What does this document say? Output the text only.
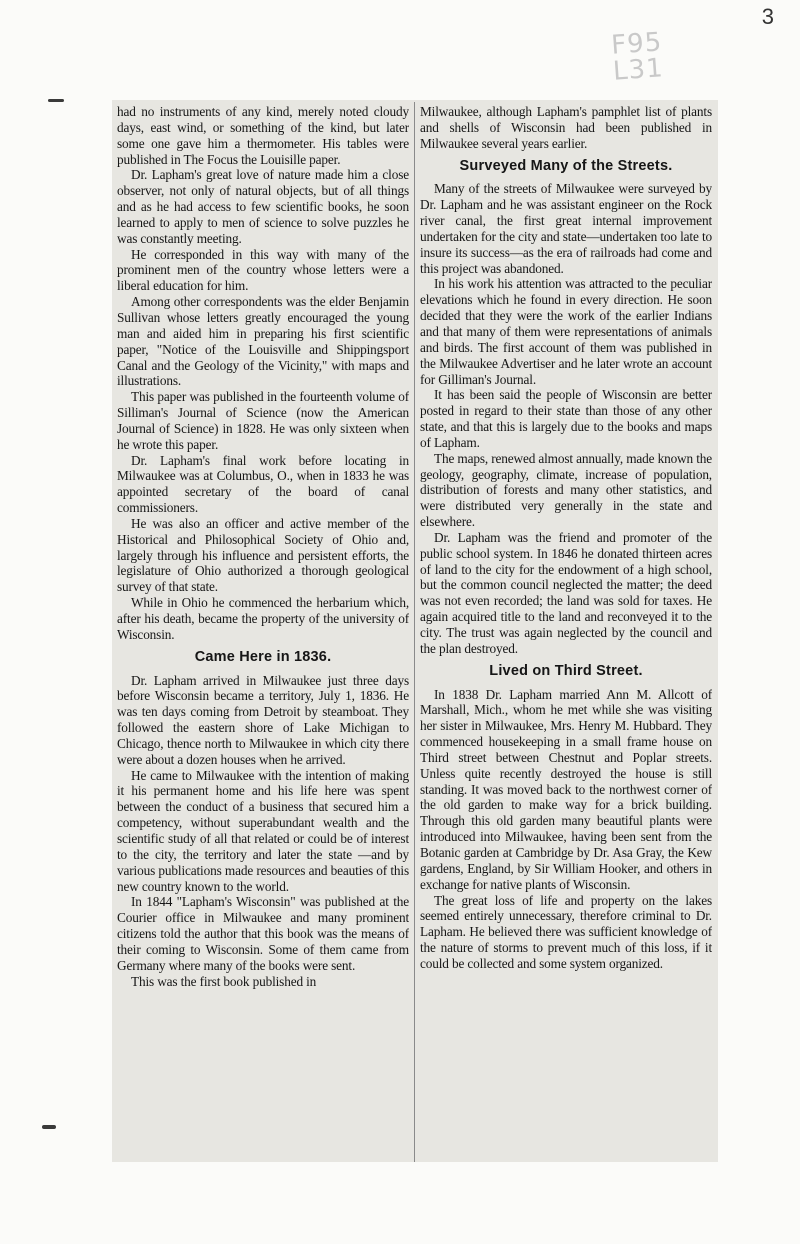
3
F95
L31

had no instruments of any kind, merely noted cloudy days, east wind, or something of the kind, but later some one gave him a thermometer. His tables were published in The Focus the Louisille paper.

Dr. Lapham's great love of nature made him a close observer, not only of natural objects, but of all things and as he had access to few scientific books, he soon learned to apply to men of science to solve puzzles he was constantly meeting.

He corresponded in this way with many of the prominent men of the country whose letters were a liberal education for him.

Among other correspondents was the elder Benjamin Sullivan whose letters greatly encouraged the young man and aided him in preparing his first scientific paper, "Notice of the Louisville and Shippingsport Canal and the Geology of the Vicinity," with maps and illustrations.

This paper was published in the fourteenth volume of Silliman's Journal of Science (now the American Journal of Science) in 1828. He was only sixteen when he wrote this paper.

Dr. Lapham's final work before locating in Milwaukee was at Columbus, O., when in 1833 he was appointed secretary of the board of canal commissioners.

He was also an officer and active member of the Historical and Philosophical Society of Ohio and, largely through his influence and persistent efforts, the legislature of Ohio authorized a thorough geological survey of that state.

While in Ohio he commenced the herbarium which, after his death, became the property of the university of Wisconsin.

Came Here in 1836.

Dr. Lapham arrived in Milwaukee just three days before Wisconsin became a territory, July 1, 1836. He was ten days coming from Detroit by steamboat. They followed the eastern shore of Lake Michigan to Chicago, thence north to Milwaukee in which city there were about a dozen houses when he arrived.

He came to Milwaukee with the intention of making it his permanent home and his life here was spent between the conduct of a business that secured him a competency, without superabundant wealth and the scientific study of all that related or could be of interest to the city, the territory and later the state —and by various publications made resources and beauties of this new country known to the world.

In 1844 "Lapham's Wisconsin" was published at the Courier office in Milwaukee and many prominent citizens told the author that this book was the means of their coming to Wisconsin. Some of them came from Germany where many of the books were sent.

This was the first book published in

Milwaukee, although Lapham's pamphlet list of plants and shells of Wisconsin had been published in Milwaukee several years earlier.

Surveyed Many of the Streets.

Many of the streets of Milwaukee were surveyed by Dr. Lapham and he was assistant engineer on the Rock river canal, the first great internal improvement undertaken for the city and state—undertaken too late to insure its success—as the era of railroads had come and this project was abandoned.

In his work his attention was attracted to the peculiar elevations which he found in every direction. He soon decided that they were the work of the earlier Indians and that many of them were representations of animals and birds. The first account of them was published in the Milwaukee Advertiser and he later wrote an account for Gilliman's Journal.

It has been said the people of Wisconsin are better posted in regard to their state than those of any other state, and that this is largely due to the books and maps of Lapham.

The maps, renewed almost annually, made known the geology, geography, climate, increase of population, distribution of forests and many other statistics, and were distributed very generally in the state and elsewhere.

Dr. Lapham was the friend and promoter of the public school system. In 1846 he donated thirteen acres of land to the city for the endowment of a high school, but the common council neglected the matter; the deed was not even recorded; the land was sold for taxes. He again acquired title to the land and reconveyed it to the city. The trust was again neglected by the council and the plan destroyed.

Lived on Third Street.

In 1838 Dr. Lapham married Ann M. Allcott of Marshall, Mich., whom he met while she was visiting her sister in Milwaukee, Mrs. Henry M. Hubbard. They commenced housekeeping in a small frame house on Third street between Chestnut and Poplar streets. Unless quite recently destroyed the house is still standing. It was moved back to the northwest corner of the old garden to make way for a brick building. Through this old garden many beautiful plants were introduced into Milwaukee, having been sent from the Botanic garden at Cambridge by Dr. Asa Gray, the Kew gardens, England, by Sir William Hooker, and others in exchange for native plants of Wisconsin.

The great loss of life and property on the lakes seemed entirely unnecessary, therefore criminal to Dr. Lapham. He believed there was sufficient knowledge of the nature of storms to prevent much of this loss, if it could be collected and some system organized.
